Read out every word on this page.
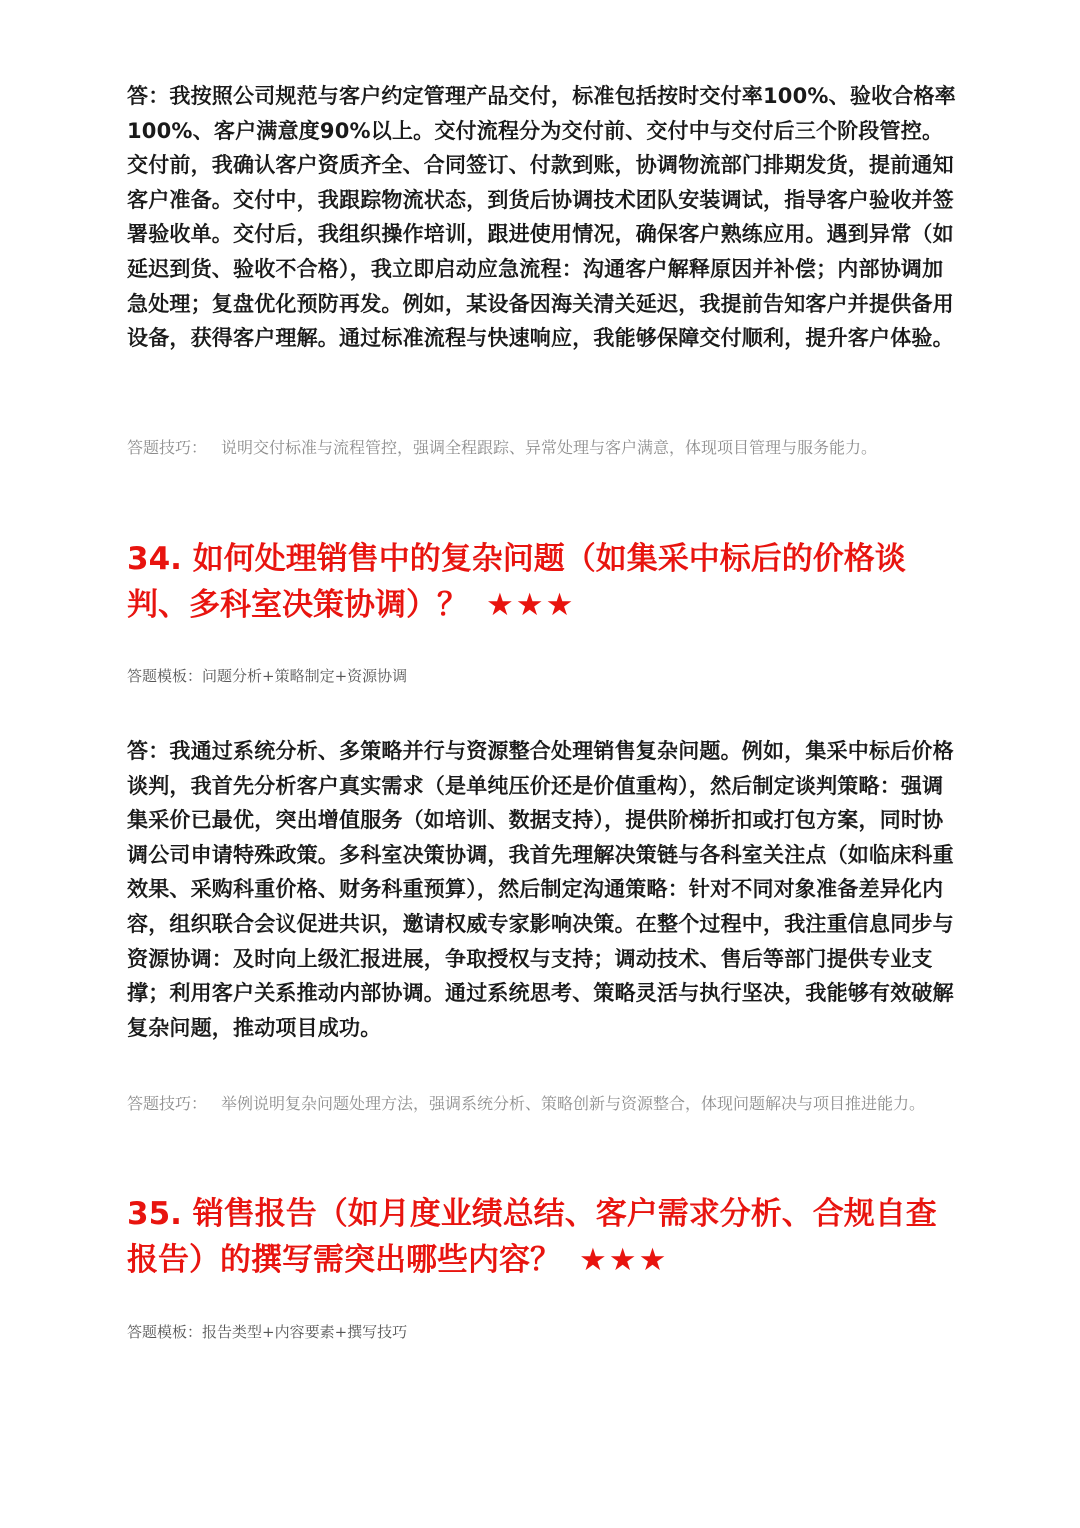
答：我按照公司规范与客户约定管理产品交付，标准包括按时交付率100%、验收合格率100%、客户满意度90%以上。交付流程分为交付前、交付中与交付后三个阶段管控。交付前，我确认客户资质齐全、合同签订、付款到账，协调物流部门排期发货，提前通知客户准备。交付中，我跟踪物流状态，到货后协调技术团队安装调试，指导客户验收并签署验收单。交付后，我组织操作培训，跟进使用情况，确保客户熟练应用。遇到异常（如延迟到货、验收不合格），我立即启动应急流程：沟通客户解释原因并补偿；内部协调加急处理；复盘优化预防再发。例如，某设备因海关清关延迟，我提前告知客户并提供备用设备，获得客户理解。通过标准流程与快速响应，我能够保障交付顺利，提升客户体验。

答题技巧： 说明交付标准与流程管控，强调全程跟踪、异常处理与客户满意，体现项目管理与服务能力。

34. 如何处理销售中的复杂问题（如集采中标后的价格谈判、多科室决策协调）？ ★★★

答题模板：问题分析+策略制定+资源协调

答：我通过系统分析、多策略并行与资源整合处理销售复杂问题。例如，集采中标后价格谈判，我首先分析客户真实需求（是单纯压价还是价值重构），然后制定谈判策略：强调集采价已最优，突出增值服务（如培训、数据支持），提供阶梯折扣或打包方案，同时协调公司申请特殊政策。多科室决策协调，我首先理解决策链与各科室关注点（如临床科重效果、采购科重价格、财务科重预算），然后制定沟通策略：针对不同对象准备差异化内容，组织联合会议促进共识，邀请权威专家影响决策。在整个过程中，我注重信息同步与资源协调：及时向上级汇报进展，争取授权与支持；调动技术、售后等部门提供专业支撑；利用客户关系推动内部协调。通过系统思考、策略灵活与执行坚决，我能够有效破解复杂问题，推动项目成功。

答题技巧： 举例说明复杂问题处理方法，强调系统分析、策略创新与资源整合，体现问题解决与项目推进能力。

35. 销售报告（如月度业绩总结、客户需求分析、合规自查报告）的撰写需突出哪些内容？ ★★★

答题模板：报告类型+内容要素+撰写技巧
